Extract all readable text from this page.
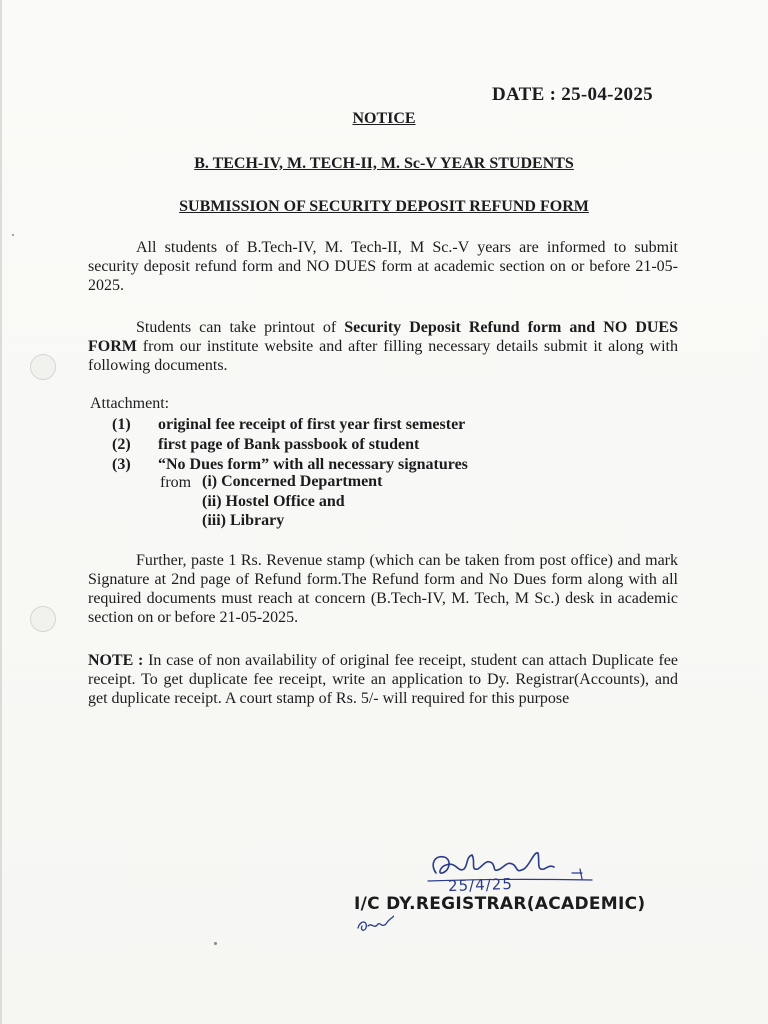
DATE : 25-04-2025
NOTICE
B. TECH-IV, M. TECH-II, M. Sc-V YEAR STUDENTS
SUBMISSION OF SECURITY DEPOSIT REFUND FORM
All students of B.Tech-IV, M. Tech-II, M Sc.-V years are informed to submit security deposit refund form and NO DUES form at academic section on or before 21-05-2025.
Students can take printout of Security Deposit Refund form and NO DUES FORM from our institute website and after filling necessary details submit it along with following documents.
Attachment:
(1)	original fee receipt of first year first semester
(2)	first page of Bank passbook of student
(3)	“No Dues form” with all necessary signatures
from (i) Concerned Department
(ii) Hostel Office and
(iii) Library
Further, paste 1 Rs. Revenue stamp (which can be taken from post office) and mark Signature at 2nd page of Refund form.The Refund form and No Dues form along with all required documents must reach at concern (B.Tech-IV, M. Tech, M Sc.) desk in academic section on or before 21-05-2025.
NOTE : In case of non availability of original fee receipt, student can attach Duplicate fee receipt. To get duplicate fee receipt, write an application to Dy. Registrar(Accounts), and get duplicate receipt. A court stamp of Rs. 5/- will required for this purpose
25/4/25
I/C DY.REGISTRAR(ACADEMIC)
